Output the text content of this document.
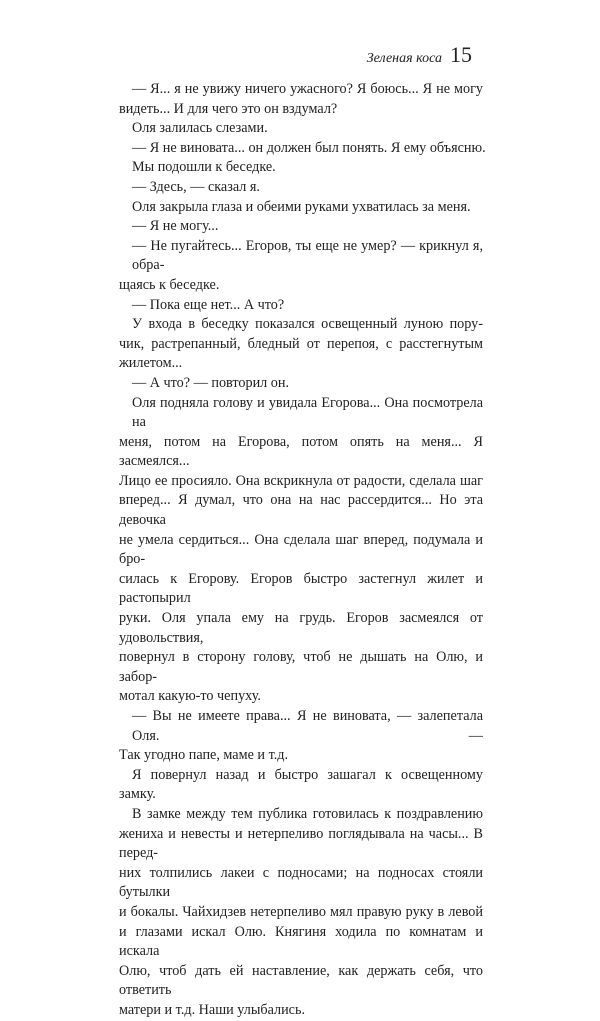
Зеленая коса 15
— Я... я не увижу ничего ужасного? Я боюсь... Я не могу
видеть... И для чего это он вздумал?
Оля залилась слезами.
— Я не виновата... он должен был понять. Я ему объясню.
Мы подошли к беседке.
— Здесь, — сказал я.
Оля закрыла глаза и обеими руками ухватилась за меня.
— Я не могу...
— Не пугайтесь... Егоров, ты еще не умер? — крикнул я, обра-
щаясь к беседке.
— Пока еще нет... А что?
У входа в беседку показался освещенный луною пору-
чик, растрепанный, бледный от перепоя, с расстегнутым
жилетом...
— А что? — повторил он.
Оля подняла голову и увидала Егорова... Она посмотрела на
меня, потом на Егорова, потом опять на меня... Я засмеялся...
Лицо ее просияло. Она вскрикнула от радости, сделала шаг
вперед... Я думал, что она на нас рассердится... Но эта девочка
не умела сердиться... Она сделала шаг вперед, подумала и бро-
силась к Егорову. Егоров быстро застегнул жилет и растопырил
руки. Оля упала ему на грудь. Егоров засмеялся от удовольствия,
повернул в сторону голову, чтоб не дышать на Олю, и забор-
мотал какую-то чепуху.
— Вы не имеете права... Я не виновата, — залепетала Оля. —
Так угодно папе, маме и т.д.
Я повернул назад и быстро зашагал к освещенному
замку.
В замке между тем публика готовилась к поздравлению
жениха и невесты и нетерпеливо поглядывала на часы... В перед-
них толпились лакеи с подносами; на подносах стояли бутылки
и бокалы. Чайхидзев нетерпеливо мял правую руку в левой
и глазами искал Олю. Княгиня ходила по комнатам и искала
Олю, чтоб дать ей наставление, как держать себя, что ответить
матери и т.д. Наши улыбались.
